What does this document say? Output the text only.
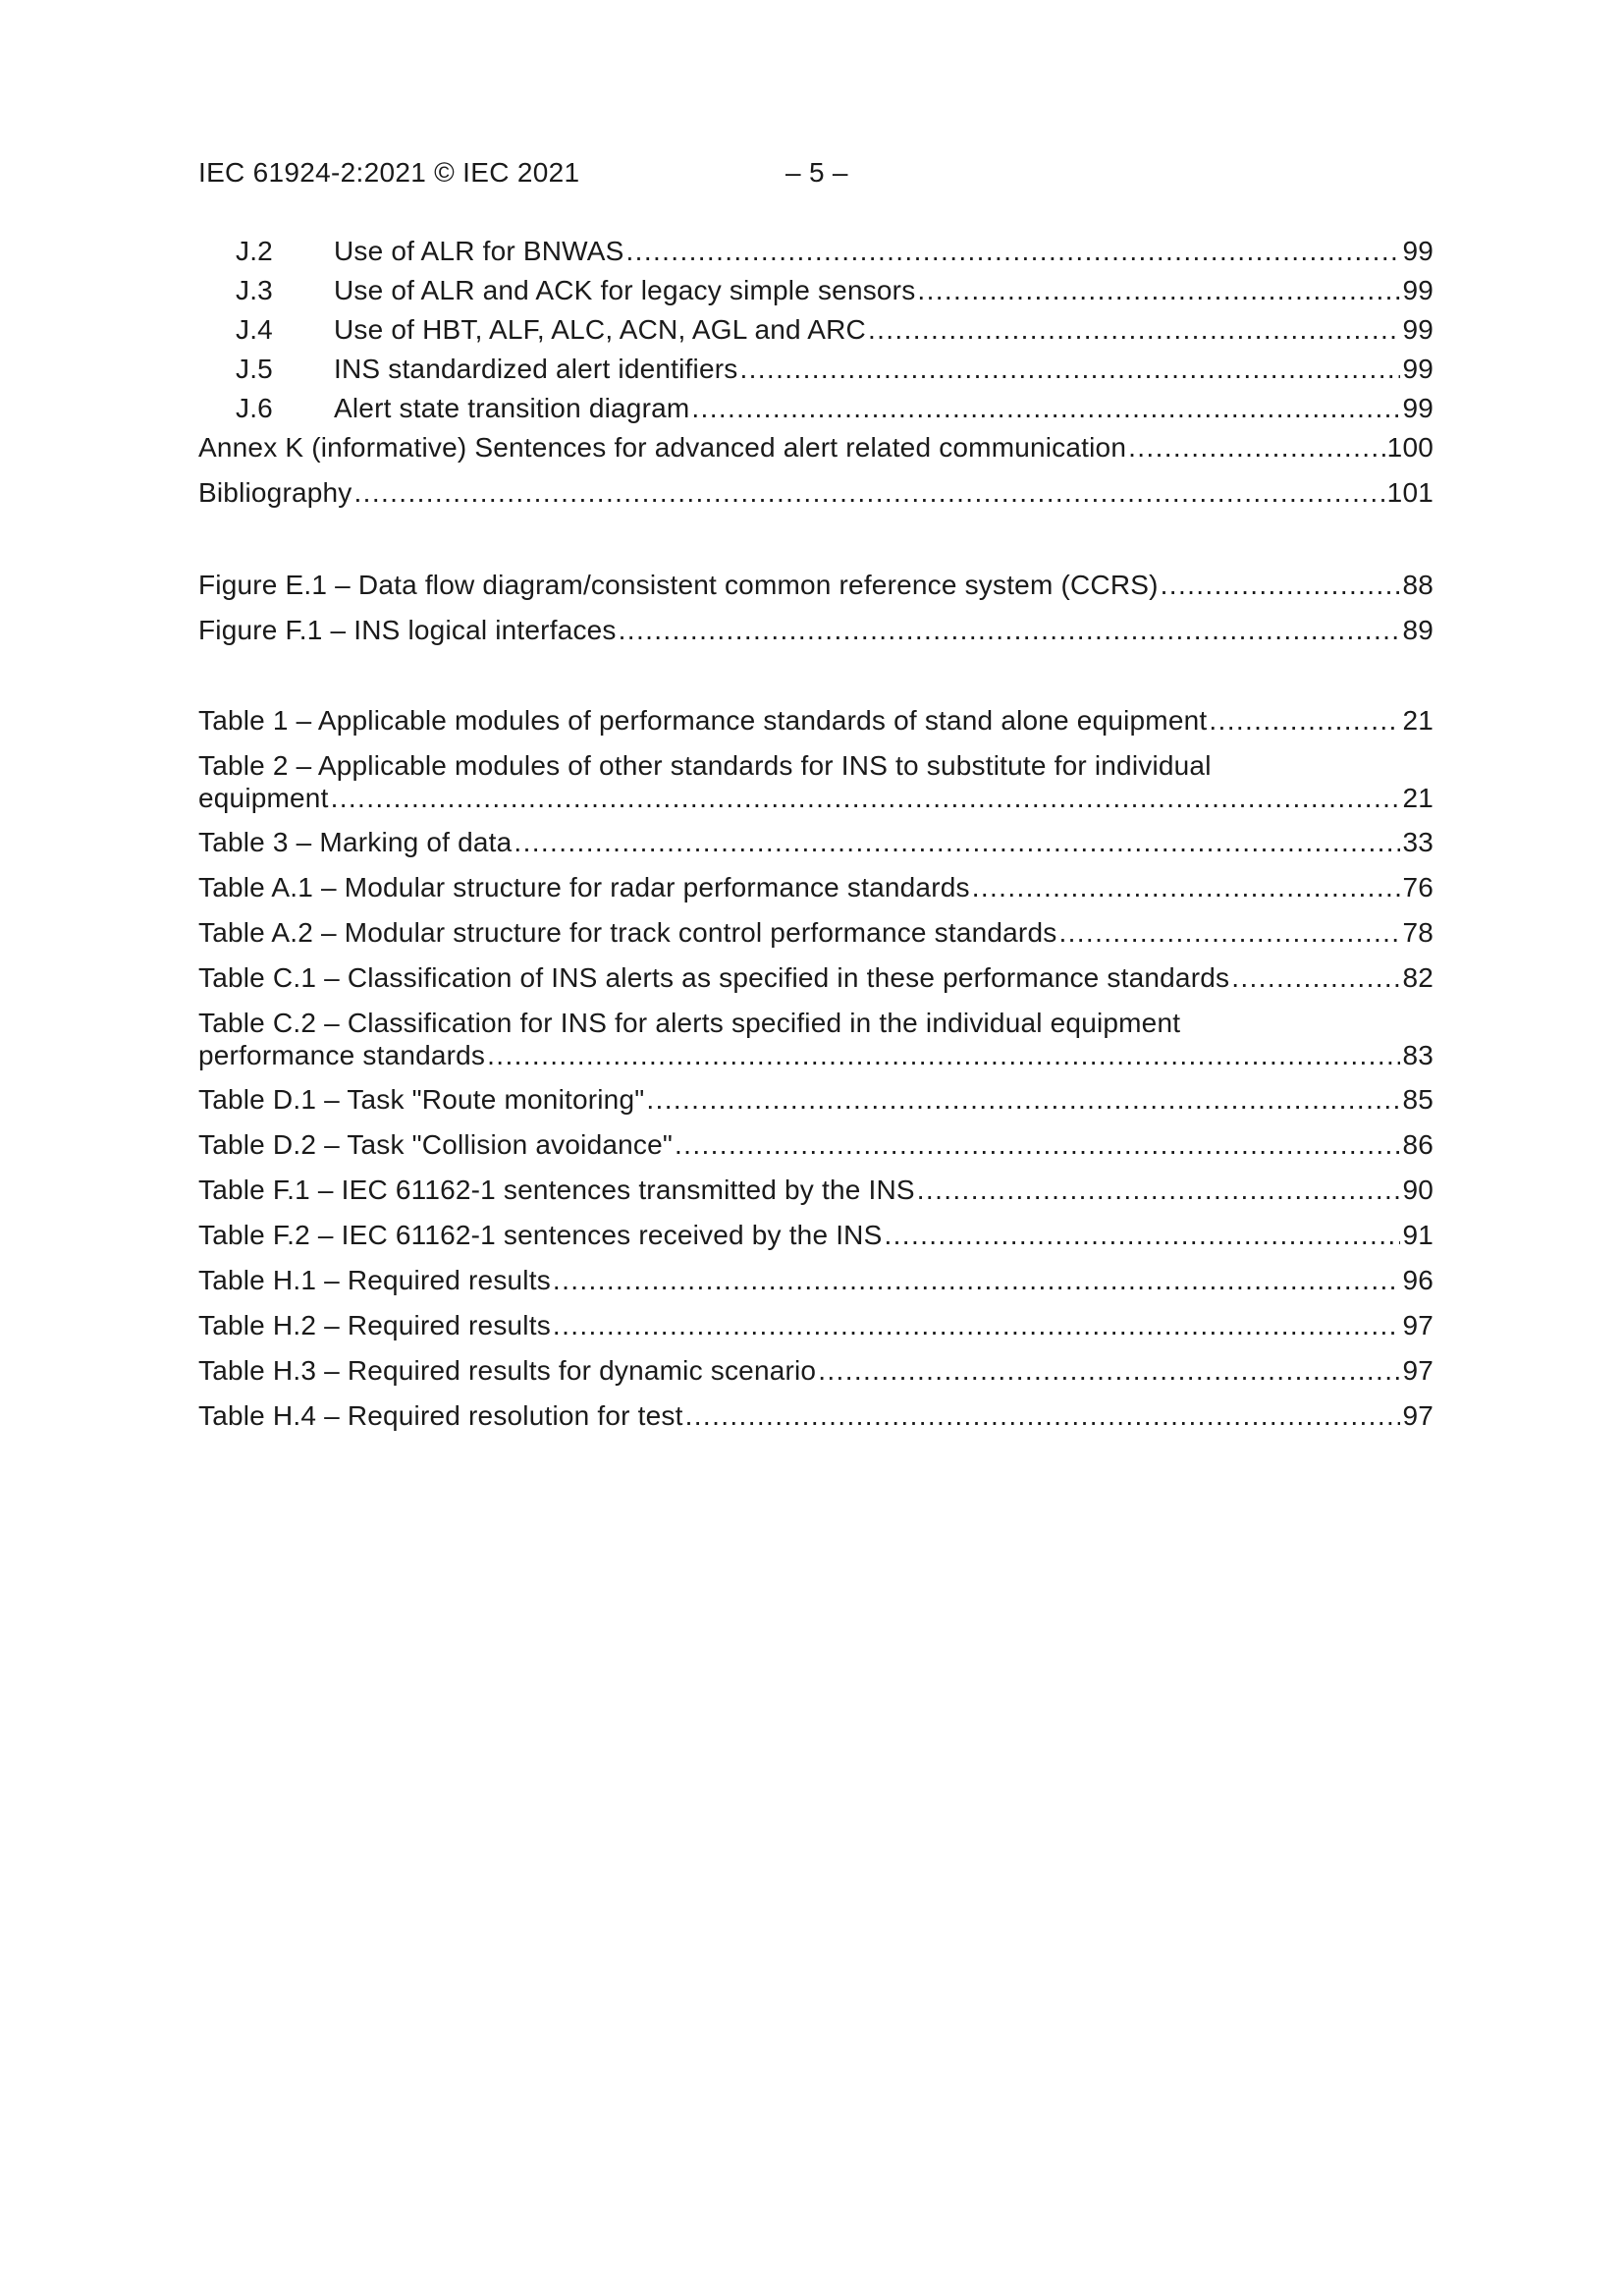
IEC 61924-2:2021 © IEC 2021	– 5 –
J.2	Use of ALR for BNWAS . . .	99
J.3	Use of ALR and ACK for legacy simple sensors . . .	99
J.4	Use of HBT, ALF, ALC, ACN, AGL and ARC . . .	99
J.5	INS standardized alert identifiers . . .	99
J.6	Alert state transition diagram . . .	99
Annex K (informative) Sentences for advanced alert related communication . . .	100
Bibliography . . .	101
Figure E.1 – Data flow diagram/consistent common reference system (CCRS) . . .	88
Figure F.1 – INS logical interfaces . . .	89
Table 1 – Applicable modules of performance standards of stand alone equipment . . .	21
Table 2 – Applicable modules of other standards for INS to substitute for individual
equipment . . .	21
Table 3 – Marking of data . . .	33
Table A.1 – Modular structure for radar performance standards . . .	76
Table A.2 – Modular structure for track control performance standards . . .	78
Table C.1 – Classification of INS alerts as specified in these performance standards . . .	82
Table C.2 – Classification for INS for alerts specified in the individual equipment
performance standards . . .	83
Table D.1 – Task "Route monitoring" . . .	85
Table D.2 – Task "Collision avoidance" . . .	86
Table F.1 – IEC 61162-1 sentences transmitted by the INS . . .	90
Table F.2 – IEC 61162-1 sentences received by the INS . . .	91
Table H.1 – Required results . . .	96
Table H.2 – Required results . . .	97
Table H.3 – Required results for dynamic scenario . . .	97
Table H.4 – Required resolution for test . . .	97
